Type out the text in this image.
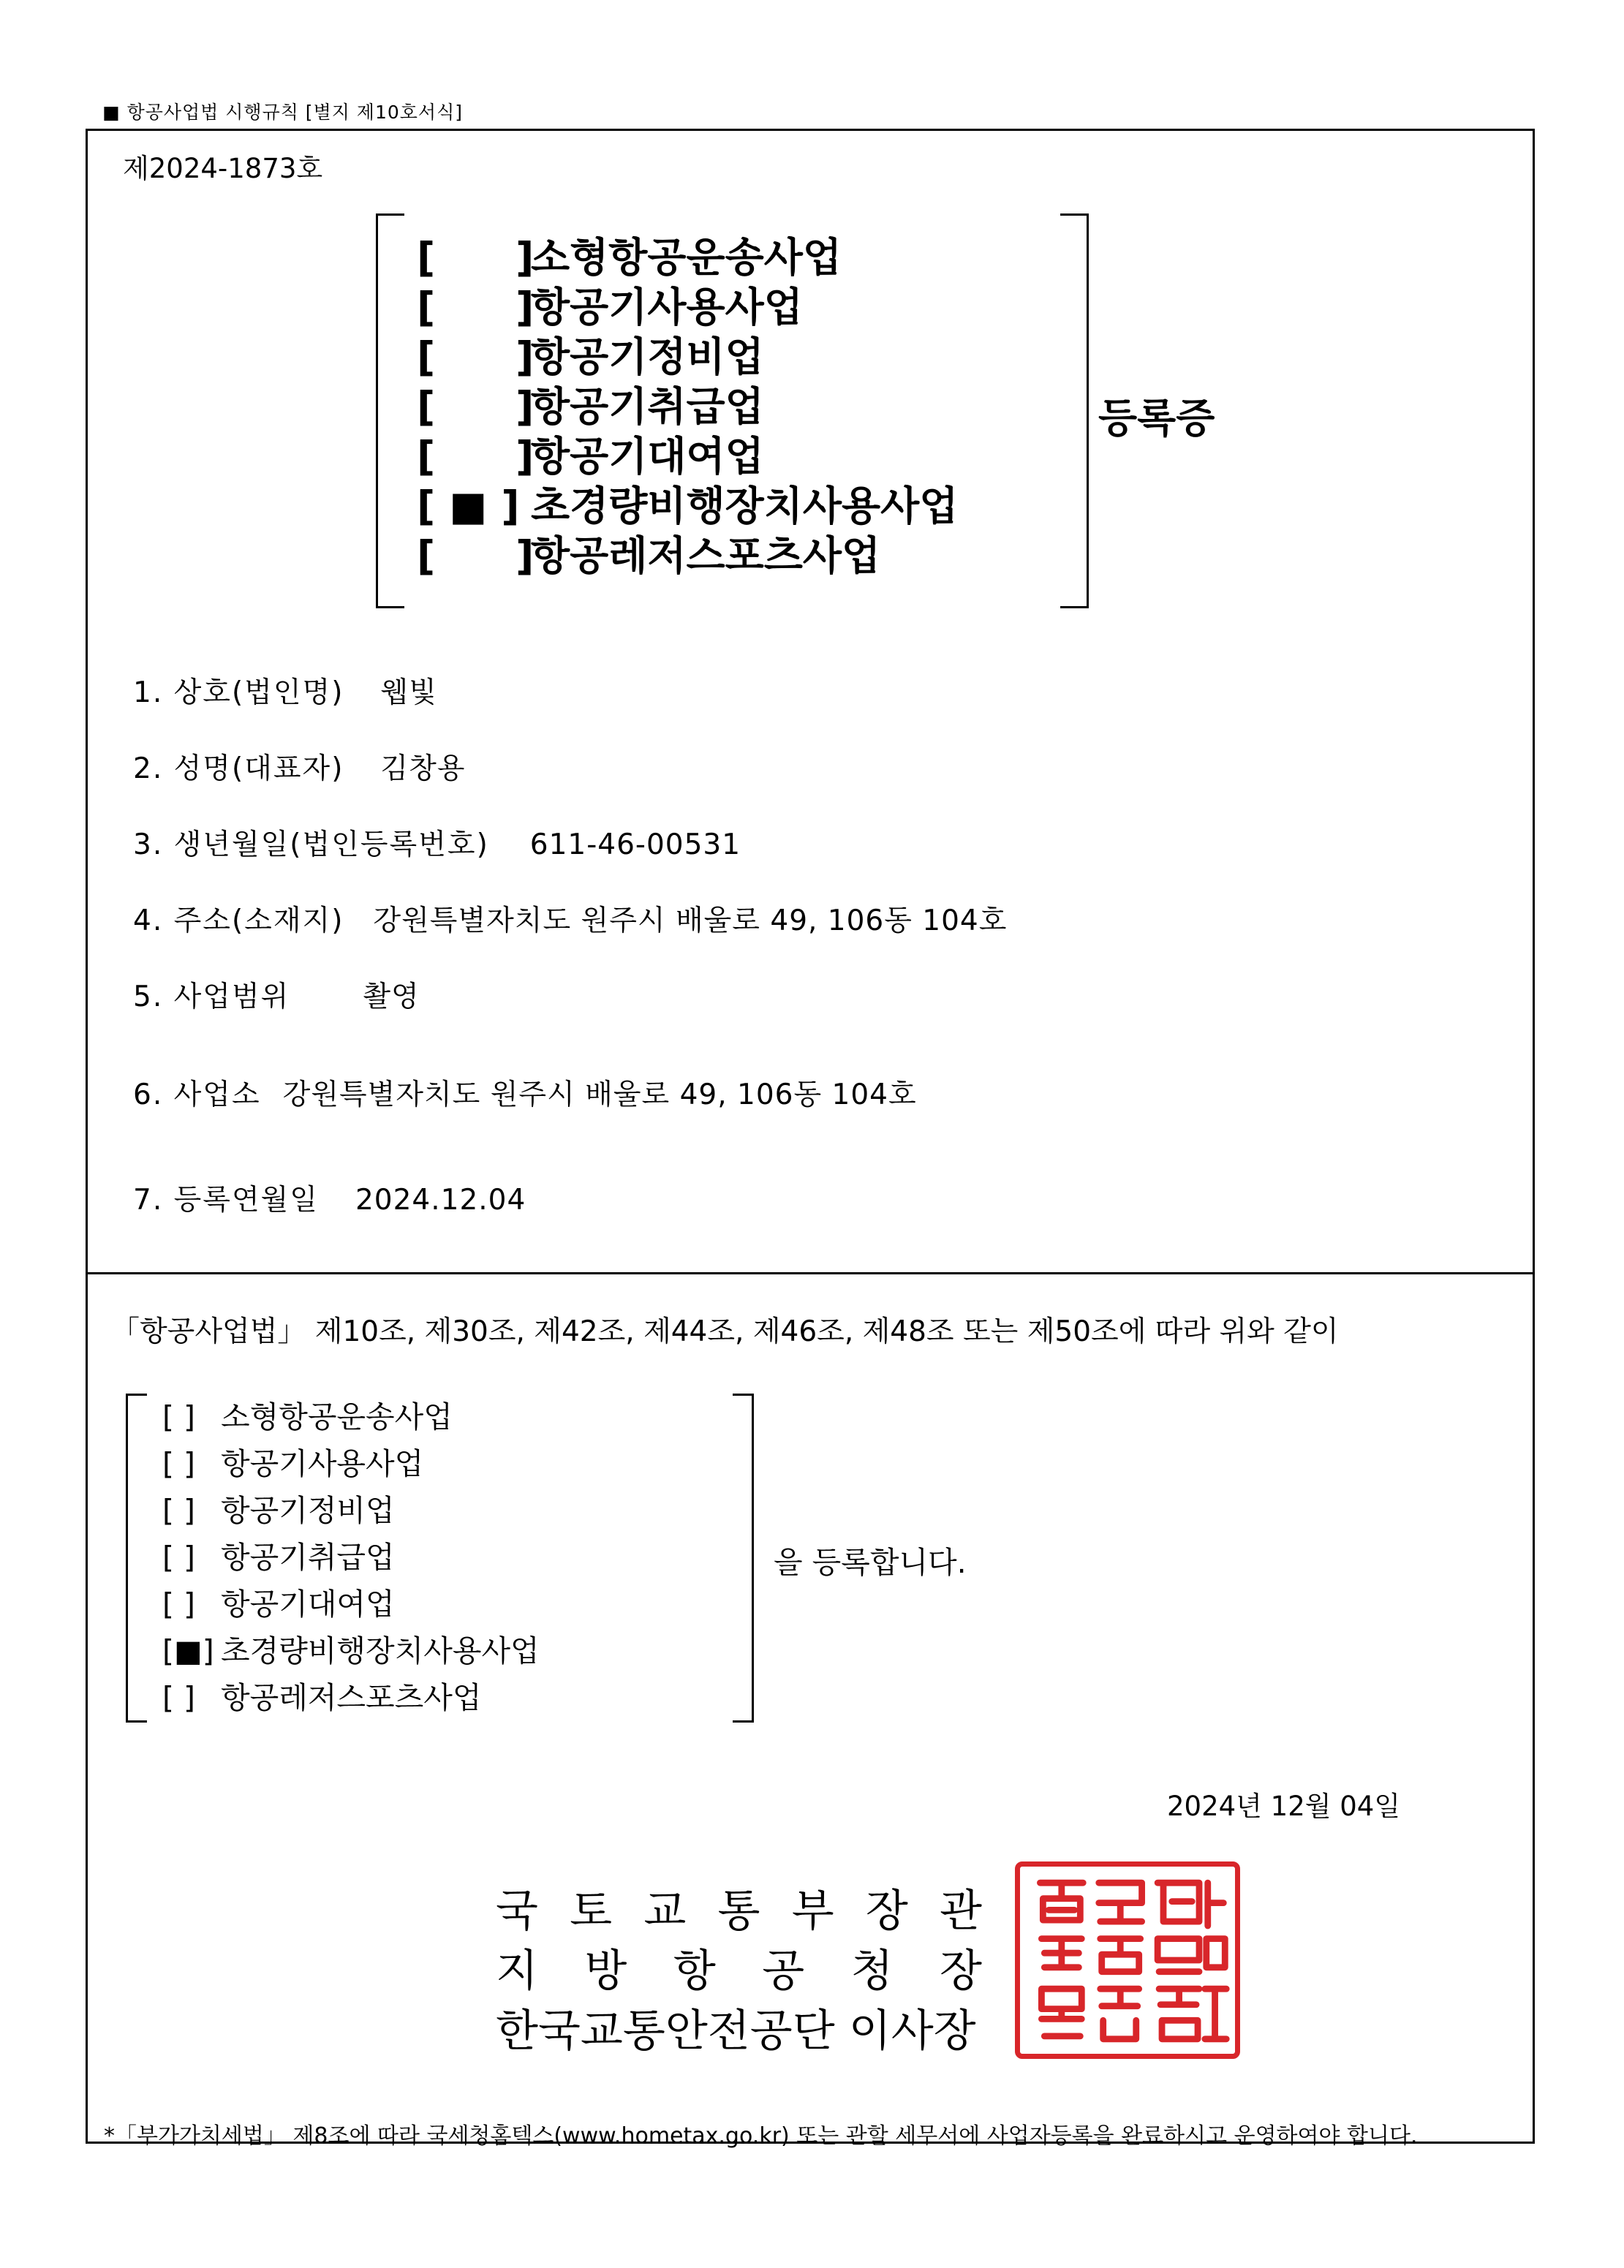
■ 항공사업법 시행규칙 [별지 제10호서식]
제2024-1873호
[　　]소형항공운송사업
[　　]항공기사용사업
[　　]항공기정비업
[　　]항공기취급업
[　　]항공기대여업
[ ■ ] 초경량비행장치사용사업
[　　]항공레저스포츠사업
등록증
1. 상호(법인명) 웹빛
2. 성명(대표자) 김창용
3. 생년월일(법인등록번호) 611-46-00531
4. 주소(소재지) 강원특별자치도 원주시 배울로 49, 106동 104호
5. 사업범위	촬영
6. 사업소 강원특별자치도 원주시 배울로 49, 106동 104호
7. 등록연월일 2024.12.04
「항공사업법」 제10조, 제30조, 제42조, 제44조, 제46조, 제48조 또는 제50조에 따라 위와 같이
[ ] 소형항공운송사업
[ ] 항공기사용사업
[ ] 항공기정비업
[ ] 항공기취급업
[ ] 항공기대여업
[■] 초경량비행장치사용사업
[ ] 항공레저스포츠사업
을 등록합니다.
2024년 12월 04일
국 토 교 통 부 장 관
지 방 항 공 청 장
한국교통안전공단 이사장
*「부가가치세법」 제8조에 따라 국세청홈텍스(www.hometax.go.kr) 또는 관할 세무서에 사업자등록을 완료하시고 운영하여야 합니다.
